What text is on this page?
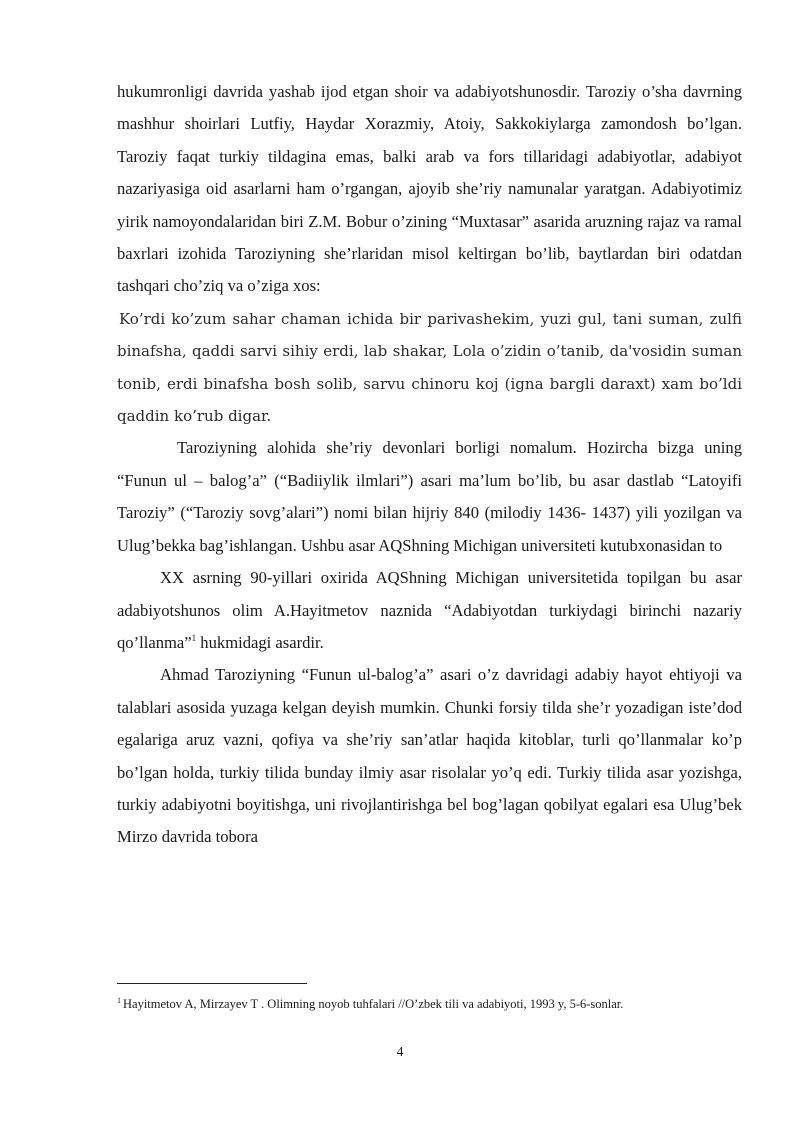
hukumronligi davrida yashab ijod etgan shoir va adabiyotshunosdir. Taroziy o’sha davrning mashhur shoirlari Lutfiy, Haydar Xorazmiy, Atoiy, Sakkokiylarga zamondosh bo’lgan. Taroziy faqat turkiy tildagina emas, balki arab va fors tillaridagi adabiyotlar, adabiyot nazariyasiga oid asarlarni ham o’rgangan, ajoyib she’riy namunalar yaratgan. Adabiyotimiz yirik namoyondalaridan biri Z.M. Bobur o’zining “Muxtasar” asarida aruzning rajaz va ramal baxrlari izohida Taroziyning she’rlaridan misol keltirgan bo’lib, baytlardan biri odatdan tashqari cho’ziq va o’ziga xos:

Ko’rdi ko’zum sahar chaman ichida bir parivashekim, yuzi gul, tani suman, zulfi binafsha, qaddi sarvi sihiy erdi, lab shakar, Lola o’zidin o’tanib, da'vosidin suman tonib, erdi binafsha bosh solib, sarvu chinoru koj (igna bargli daraxt) xam bo’ldi qaddin ko’rub digar.

Taroziyning alohida she’riy devonlari borligi nomalum. Hozircha bizga uning “Funun ul – balog’a” (“Badiiylik ilmlari”) asari ma’lum bo’lib, bu asar dastlab “Latoyifi Taroziy” (“Taroziy sovg’alari”) nomi bilan hijriy 840 (milodiy 1436- 1437) yili yozilgan va Ulug’bekka bag’ishlangan. Ushbu asar AQShning Michigan universiteti kutubxonasidan to

XX asrning 90-yillari oxirida AQShning Michigan universitetida topilgan bu asar adabiyotshunos olim A.Hayitmetov naznida “Adabiyotdan turkiydagi birinchi nazariy qo’llanma”$^1$ hukmidagi asardir.

Ahmad Taroziyning “Funun ul-balog’a” asari o’z davridagi adabiy hayot ehtiyoji va talablari asosida yuzaga kelgan deyish mumkin. Chunki forsiy tilda she’r yozadigan iste’dod egalariga aruz vazni, qofiya va she’riy san’atlar haqida kitoblar, turli qo’llanmalar ko’p bo’lgan holda, turkiy tilida bunday ilmiy asar risolalar yo’q edi. Turkiy tilida asar yozishga, turkiy adabiyotni boyitishga, uni rivojlantirishga bel bog’lagan qobilyat egalari esa Ulug’bek Mirzo davrida tobora

$^1$ Hayitmetov A, Mirzayev T . Olimning noyob tuhfalari //O’zbek tili va adabiyoti, 1993 y, 5-6-sonlar.
4
